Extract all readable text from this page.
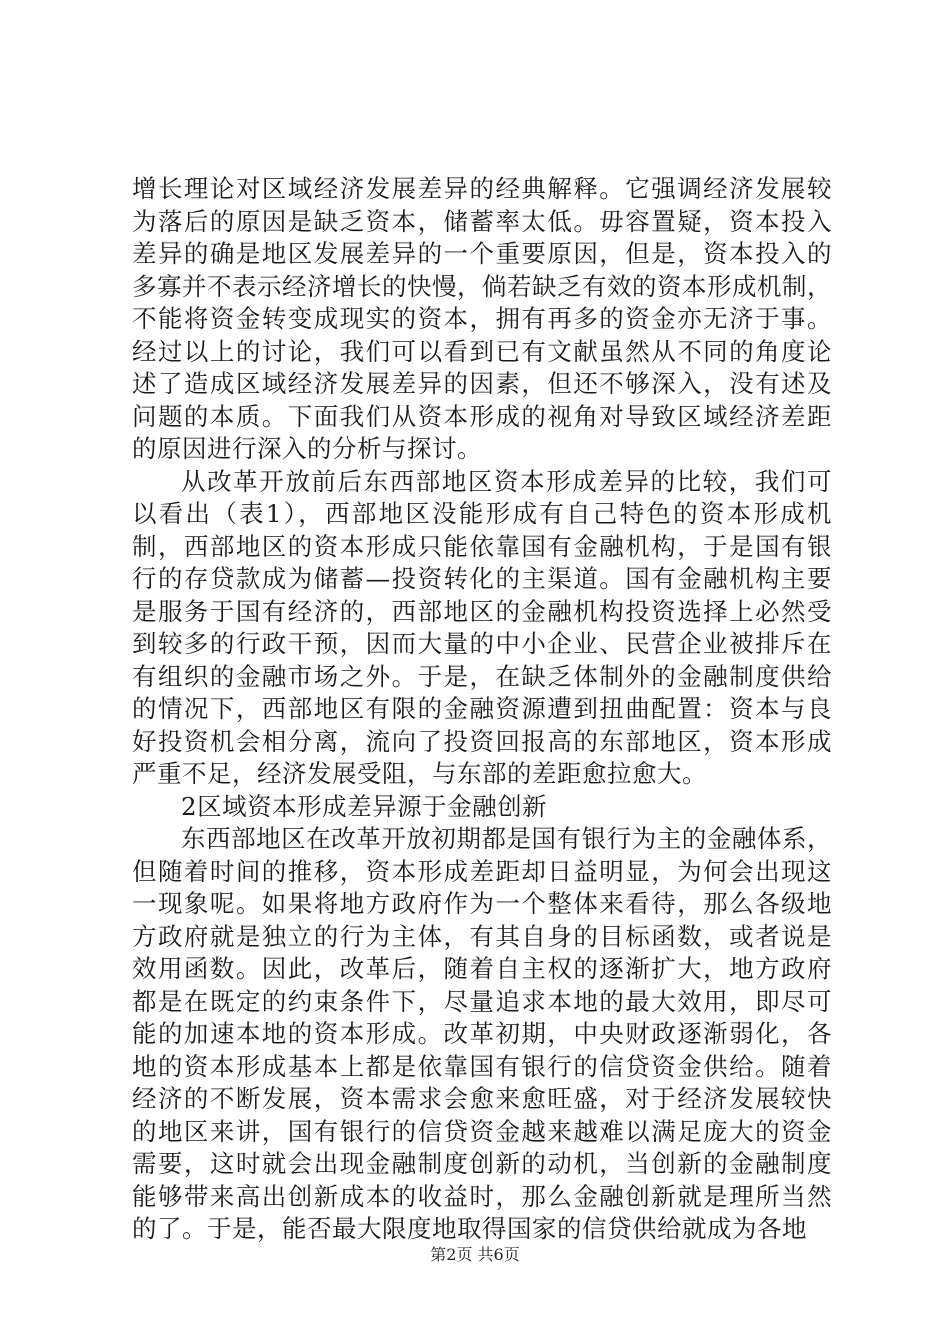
增长理论对区域经济发展差异的经典解释。它强调经济发展较
为落后的原因是缺乏资本，储蓄率太低。毋容置疑，资本投入
差异的确是地区发展差异的一个重要原因，但是，资本投入的
多寡并不表示经济增长的快慢，倘若缺乏有效的资本形成机制，
不能将资金转变成现实的资本，拥有再多的资金亦无济于事。
经过以上的讨论，我们可以看到已有文献虽然从不同的角度论
述了造成区域经济发展差异的因素，但还不够深入，没有述及
问题的本质。下面我们从资本形成的视角对导致区域经济差距
的原因进行深入的分析与探讨。
从改革开放前后东西部地区资本形成差异的比较，我们可
以看出（表1），西部地区没能形成有自己特色的资本形成机
制，西部地区的资本形成只能依靠国有金融机构，于是国有银
行的存贷款成为储蓄—投资转化的主渠道。国有金融机构主要
是服务于国有经济的，西部地区的金融机构投资选择上必然受
到较多的行政干预，因而大量的中小企业、民营企业被排斥在
有组织的金融市场之外。于是，在缺乏体制外的金融制度供给
的情况下，西部地区有限的金融资源遭到扭曲配置：资本与良
好投资机会相分离，流向了投资回报高的东部地区，资本形成
严重不足，经济发展受阻，与东部的差距愈拉愈大。
2区域资本形成差异源于金融创新
东西部地区在改革开放初期都是国有银行为主的金融体系，
但随着时间的推移，资本形成差距却日益明显，为何会出现这
一现象呢。如果将地方政府作为一个整体来看待，那么各级地
方政府就是独立的行为主体，有其自身的目标函数，或者说是
效用函数。因此，改革后，随着自主权的逐渐扩大，地方政府
都是在既定的约束条件下，尽量追求本地的最大效用，即尽可
能的加速本地的资本形成。改革初期，中央财政逐渐弱化，各
地的资本形成基本上都是依靠国有银行的信贷资金供给。随着
经济的不断发展，资本需求会愈来愈旺盛，对于经济发展较快
的地区来讲，国有银行的信贷资金越来越难以满足庞大的资金
需要，这时就会出现金融制度创新的动机，当创新的金融制度
能够带来高出创新成本的收益时，那么金融创新就是理所当然
的了。于是，能否最大限度地取得国家的信贷供给就成为各地
第2页 共6页
